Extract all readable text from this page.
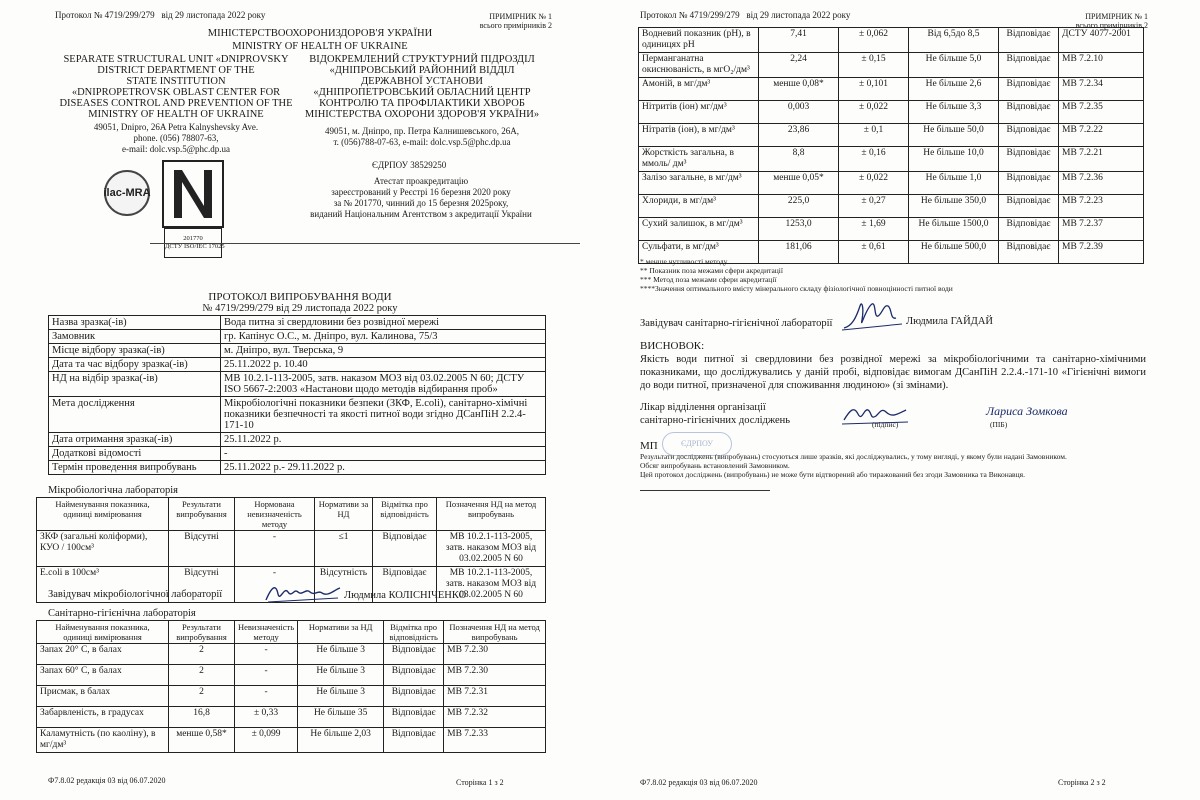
Протокол № 4719/299/279 від 29 листопада 2022 року	ПРИМІРНИК № 1
всього примірників 2
МІНІСТЕРСТВООХОРОНИЗДОРОВ'Я УКРАЇНИ
MINISTRY OF HEALTH OF UKRAINE
SEPARATE STRUCTURAL UNIT «DNIPROVSKY
DISTRICT DEPARTMENT OF THE
STATE INSTITUTION
«DNIPROPETROVSK OBLAST CENTER FOR
DISEASES CONTROL AND PREVENTION OF THE
MINISTRY OF HEALTH OF UKRAINE
49051, Dnipro, 26A Petra Kalnyshevsky Ave.
phone. (056) 78807-63,
e-mail: dolc.vsp.5@phc.dp.ua
ВІДОКРЕМЛЕНИЙ СТРУКТУРНИЙ ПІДРОЗДІЛ
«ДНІПРОВСЬКИЙ РАЙОННИЙ ВІДДІЛ
ДЕРЖАВНОЇ УСТАНОВИ
«ДНІПРОПЕТРОВСЬКИЙ ОБЛАСНИЙ ЦЕНТР
КОНТРОЛЮ ТА ПРОФІЛАКТИКИ ХВОРОБ
МІНІСТЕРСТВА ОХОРОНИ ЗДОРОВ'Я УКРАЇНИ»
49051, м. Дніпро, пр. Петра Калнишевського, 26А,
т. (056)788-07-63, e-mail: dolc.vsp.5@phc.dp.ua
ЄДРПОУ 38529250
Атестат проакредитацію
зареєстрований у Реєстрі 16 березня 2020 року
за № 201770, чинний до 15 березня 2025року,
виданий Національним Агентством з акредитації України
ilac-MRA
201770
ДСТУ ISO/IEC 17025
ПРОТОКОЛ ВИПРОБУВАННЯ ВОДИ
№ 4719/299/279 від 29 листопада 2022 року
Назва зразка(-ів)	Вода питна зі свердловини без розвідної мережі
Замовник	гр. Капінус О.С., м. Дніпро, вул. Калинова, 75/3
Місце відбору зразка(-ів)	м. Дніпро, вул. Тверська, 9
Дата та час відбору зразка(-ів)	25.11.2022 р. 10.40
НД на відбір зразка(-ів)	МВ 10.2.1-113-2005, затв. наказом МОЗ від 03.02.2005 N 60; ДСТУ ISO 5667-2:2003 «Настанови щодо методів відбирання проб»
Мета дослідження	Мікробіологічні показники безпеки (ЗКФ, E.coli), санітарно-хімічні показники безпечності та якості питної води згідно ДСанПіН 2.2.4-171-10
Дата отримання зразка(-ів)	25.11.2022 р.
Додаткові відомості	-
Термін проведення випробувань	25.11.2022 р.- 29.11.2022 р.
Мікробіологічна лабораторія
Найменування показника, одиниці вимірювання	Результати випробування	Нормована невизначеність методу	Нормативи за НД	Відмітка про відповідність	Позначення НД на метод випробувань
ЗКФ (загальні коліформи), КУО / 100см³	Відсутні	-	≤1	Відповідає	МВ 10.2.1-113-2005, затв. наказом МОЗ від 03.02.2005 N 60
E.coli в 100см³	Відсутні	-	Відсутність	Відповідає	МВ 10.2.1-113-2005, затв. наказом МОЗ від 03.02.2005 N 60
Завідувач мікробіологічної лабораторії	Людмила КОЛІСНІЧЕНКО
Санітарно-гігієнічна лабораторія
Найменування показника, одиниці вимірювання	Результати випробування	Невизначеність методу	Нормативи за НД	Відмітка про відповідність	Позначення НД на метод випробувань
Запах 20° С, в балах	2	-	Не більше 3	Відповідає	МВ 7.2.30
Запах 60° С, в балах	2	-	Не більше 3	Відповідає	МВ 7.2.30
Присмак, в балах	2	-	Не більше 3	Відповідає	МВ 7.2.31
Забарвленість, в градусах	16,8	± 0,33	Не більше 35	Відповідає	МВ 7.2.32
Каламутність (по каоліну), в мг/дм³	менше 0,58*	± 0,099	Не більше 2,03	Відповідає	МВ 7.2.33
Ф7.8.02 редакція 03 від 06.07.2020	Сторінка 1 з 2
Протокол № 4719/299/279 від 29 листопада 2022 року	ПРИМІРНИК № 1
всього примірників 2
Водневий показник (рН), в одиницях рН	7,41	± 0,062	Від 6,5до 8,5	Відповідає	ДСТУ 4077-2001
Перманганатна окиснюваність, в мгО₂/дм³	2,24	± 0,15	Не більше 5,0	Відповідає	МВ 7.2.10
Амоній, в мг/дм³	менше 0,08*	± 0,101	Не більше 2,6	Відповідає	МВ 7.2.34
Нітритів (іон) мг/дм³	0,003	± 0,022	Не більше 3,3	Відповідає	МВ 7.2.35
Нітратів (іон), в мг/дм³	23,86	± 0,1	Не більше 50,0	Відповідає	МВ 7.2.22
Жорсткість загальна, в ммоль/ дм³	8,8	± 0,16	Не більше 10,0	Відповідає	МВ 7.2.21
Залізо загальне, в мг/дм³	менше 0,05*	± 0,022	Не більше 1,0	Відповідає	МВ 7.2.36
Хлориди, в мг/дм³	225,0	± 0,27	Не більше 350,0	Відповідає	МВ 7.2.23
Сухий залишок, в мг/дм³	1253,0	± 1,69	Не більше 1500,0	Відповідає	МВ 7.2.37
Сульфати, в мг/дм³	181,06	± 0,61	Не більше 500,0	Відповідає	МВ 7.2.39
* менше чутливості методу
** Показник поза межами сфери акредитації
*** Метод поза межами сфери акредитації
****Значення оптимального вмісту мінерального складу фізіологічної повноцінності питної води
Завідувач санітарно-гігієнічної лабораторії	Людмила ГАЙДАЙ
ВИСНОВОК:
Якість води питної зі свердловини без розвідної мережі за мікробіологічними та санітарно-хімічними показниками, що досліджувались у даній пробі, відповідає вимогам ДСанПіН 2.2.4.-171-10 «Гігієнічні вимоги до води питної, призначеної для споживання людиною» (зі змінами).
Лікар відділення організації
санітарно-гігієнічних досліджень	(підпис)
Лариса Зомкова
(ПІБ)
МП	ЄДРПОУ
Результати досліджень (випробувань) стосуються лише зразків, які досліджувались, у тому вигляді, у якому були надані Замовником.
Обсяг випробувань встановлений Замовником.
Цей протокол досліджень (випробувань) не може бути відтворений або тиражований без згоди Замовника та Виконавця.
Ф7.8.02 редакція 03 від 06.07.2020	Сторінка 2 з 2
